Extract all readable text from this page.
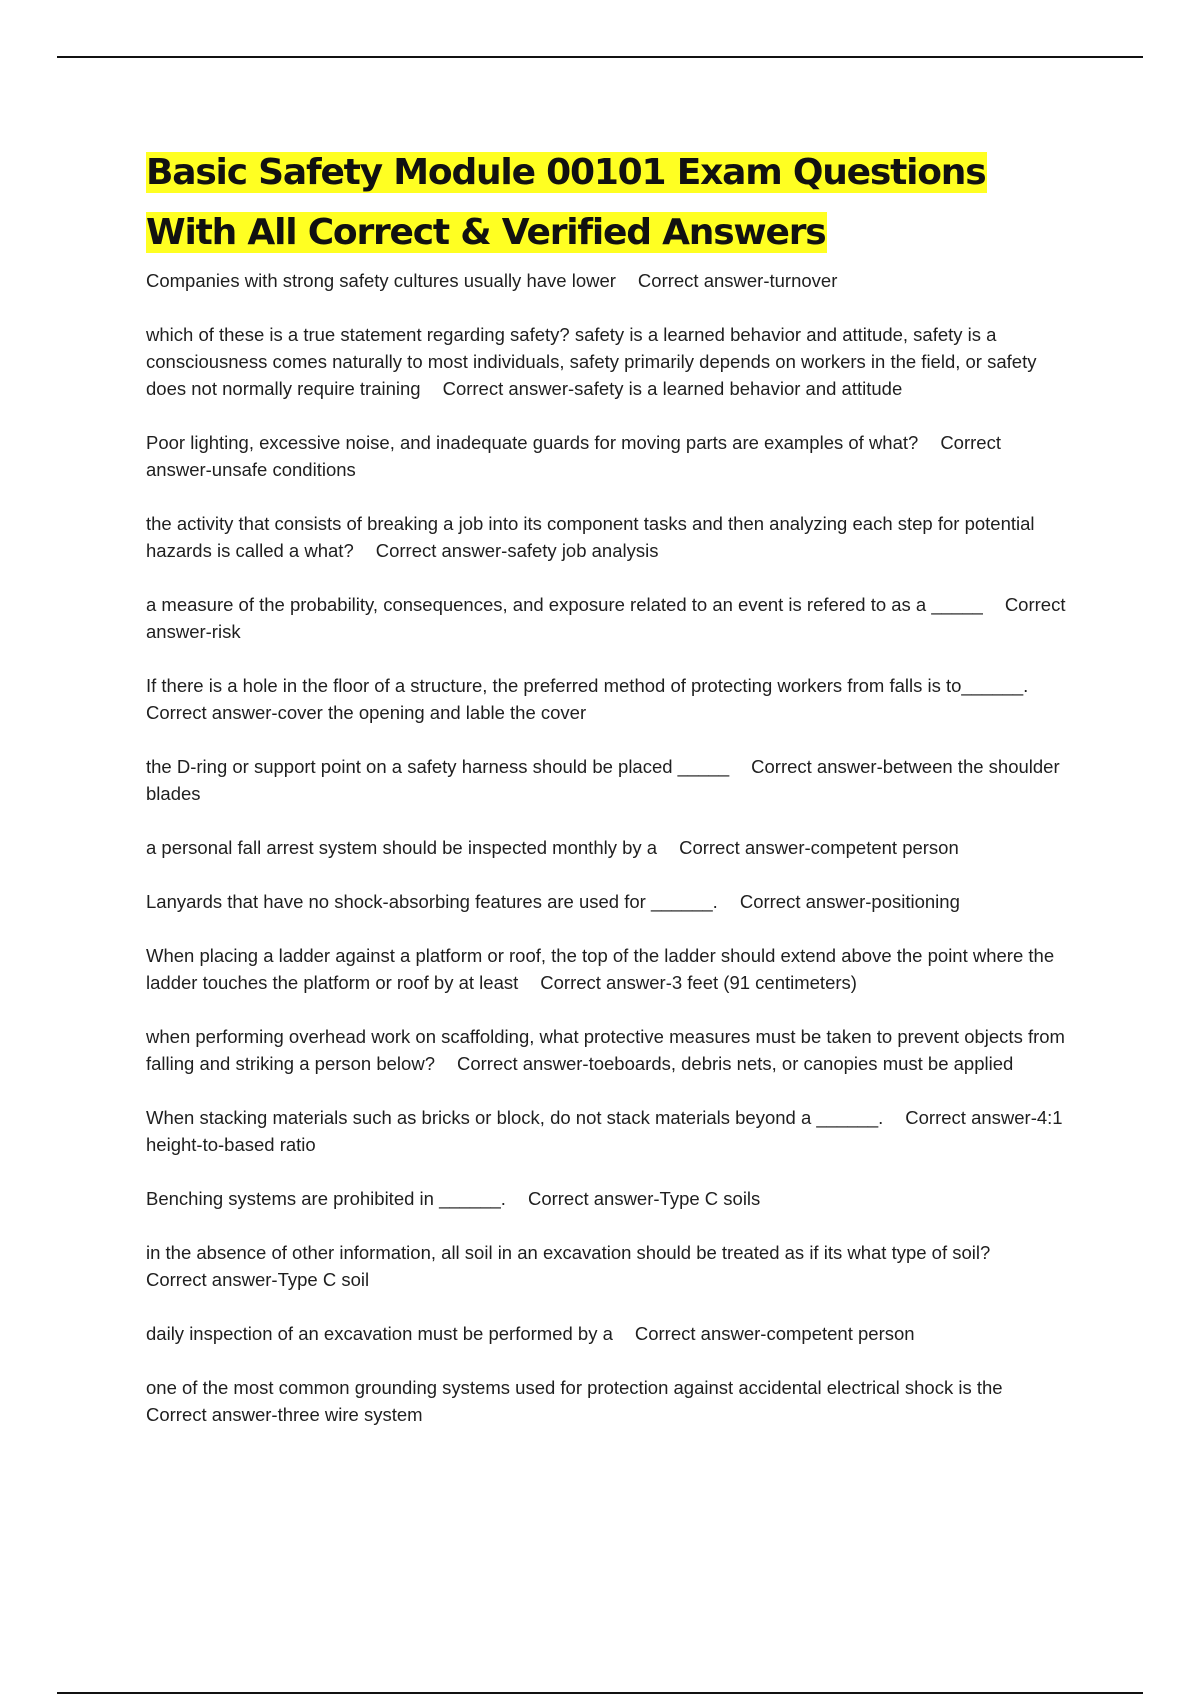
Basic Safety Module 00101 Exam Questions
With All Correct & Verified Answers
Companies with strong safety cultures usually have lower Correct answer-turnover
which of these is a true statement regarding safety? safety is a learned behavior and attitude, safety is a consciousness comes naturally to most individuals, safety primarily depends on workers in the field, or safety does not normally require training Correct answer-safety is a learned behavior and attitude
Poor lighting, excessive noise, and inadequate guards for moving parts are examples of what? Correct answer-unsafe conditions
the activity that consists of breaking a job into its component tasks and then analyzing each step for potential hazards is called a what? Correct answer-safety job analysis
a measure of the probability, consequences, and exposure related to an event is refered to as a _____ Correct answer-risk
If there is a hole in the floor of a structure, the preferred method of protecting workers from falls is to______.Correct answer-cover the opening and lable the cover
the D-ring or support point on a safety harness should be placed _____ Correct answer-between the shoulder blades
a personal fall arrest system should be inspected monthly by a Correct answer-competent person
Lanyards that have no shock-absorbing features are used for ______. Correct answer-positioning
When placing a ladder against a platform or roof, the top of the ladder should extend above the point where the ladder touches the platform or roof by at least Correct answer-3 feet (91 centimeters)
when performing overhead work on scaffolding, what protective measures must be taken to prevent objects from falling and striking a person below? Correct answer-toeboards, debris nets, or canopies must be applied
When stacking materials such as bricks or block, do not stack materials beyond a ______. Correct answer-4:1 height-to-based ratio
Benching systems are prohibited in ______. Correct answer-Type C soils
in the absence of other information, all soil in an excavation should be treated as if its what type of soil?Correct answer-Type C soil
daily inspection of an excavation must be performed by a Correct answer-competent person
one of the most common grounding systems used for protection against accidental electrical shock is theCorrect answer-three wire system
